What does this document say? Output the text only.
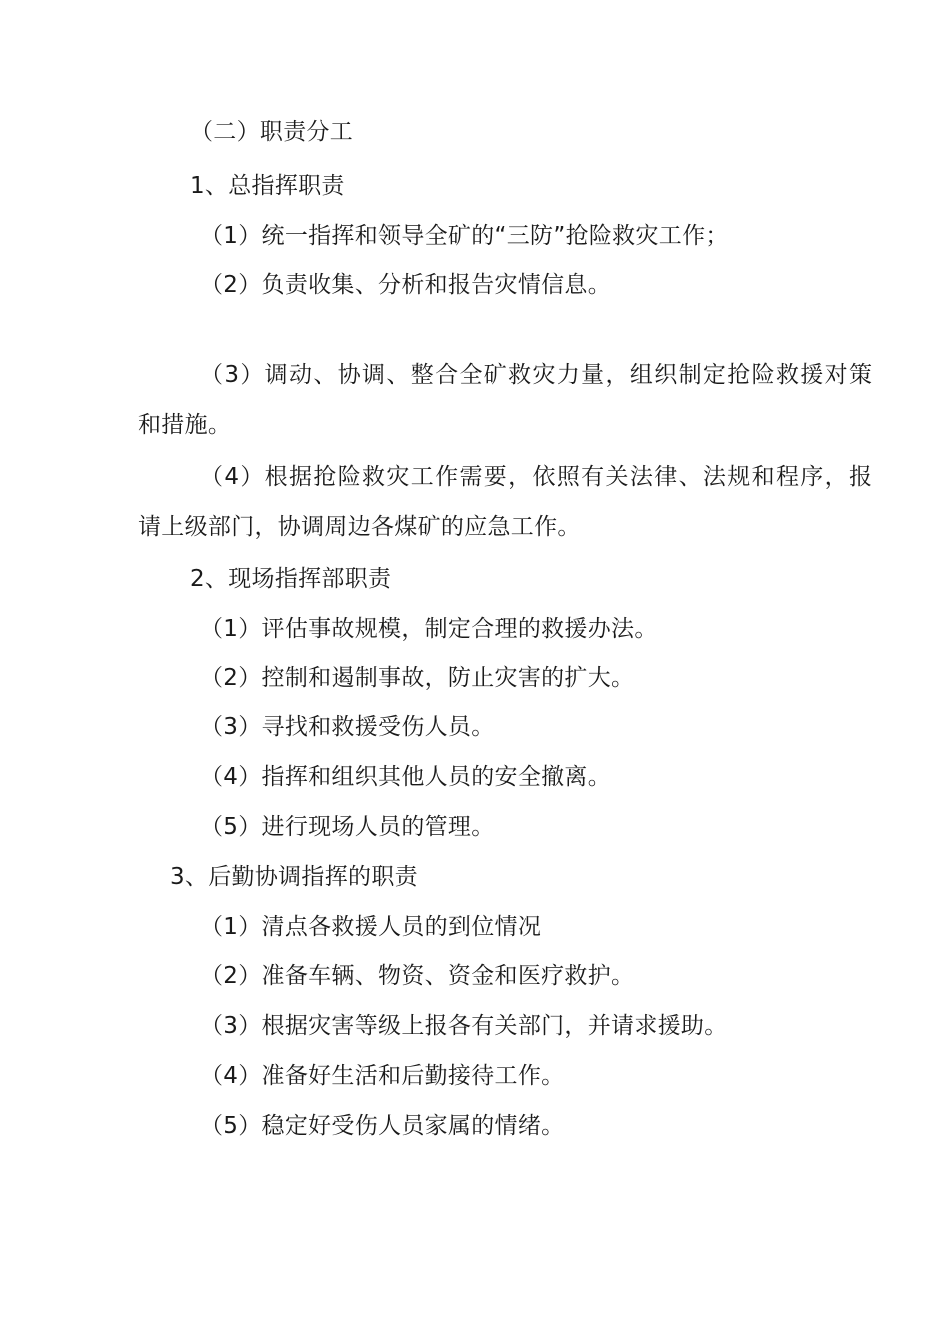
（二）职责分工
1、总指挥职责
（1）统一指挥和领导全矿的“三防”抢险救灾工作；
（2）负责收集、分析和报告灾情信息。
（3）调动、协调、整合全矿救灾力量，组织制定抢险救援对策
和措施。
（4）根据抢险救灾工作需要，依照有关法律、法规和程序，报
请上级部门，协调周边各煤矿的应急工作。
2、现场指挥部职责
（1）评估事故规模，制定合理的救援办法。
（2）控制和遏制事故，防止灾害的扩大。
（3）寻找和救援受伤人员。
（4）指挥和组织其他人员的安全撤离。
（5）进行现场人员的管理。
3、后勤协调指挥的职责
（1）清点各救援人员的到位情况
（2）准备车辆、物资、资金和医疗救护。
（3）根据灾害等级上报各有关部门，并请求援助。
（4）准备好生活和后勤接待工作。
（5）稳定好受伤人员家属的情绪。
